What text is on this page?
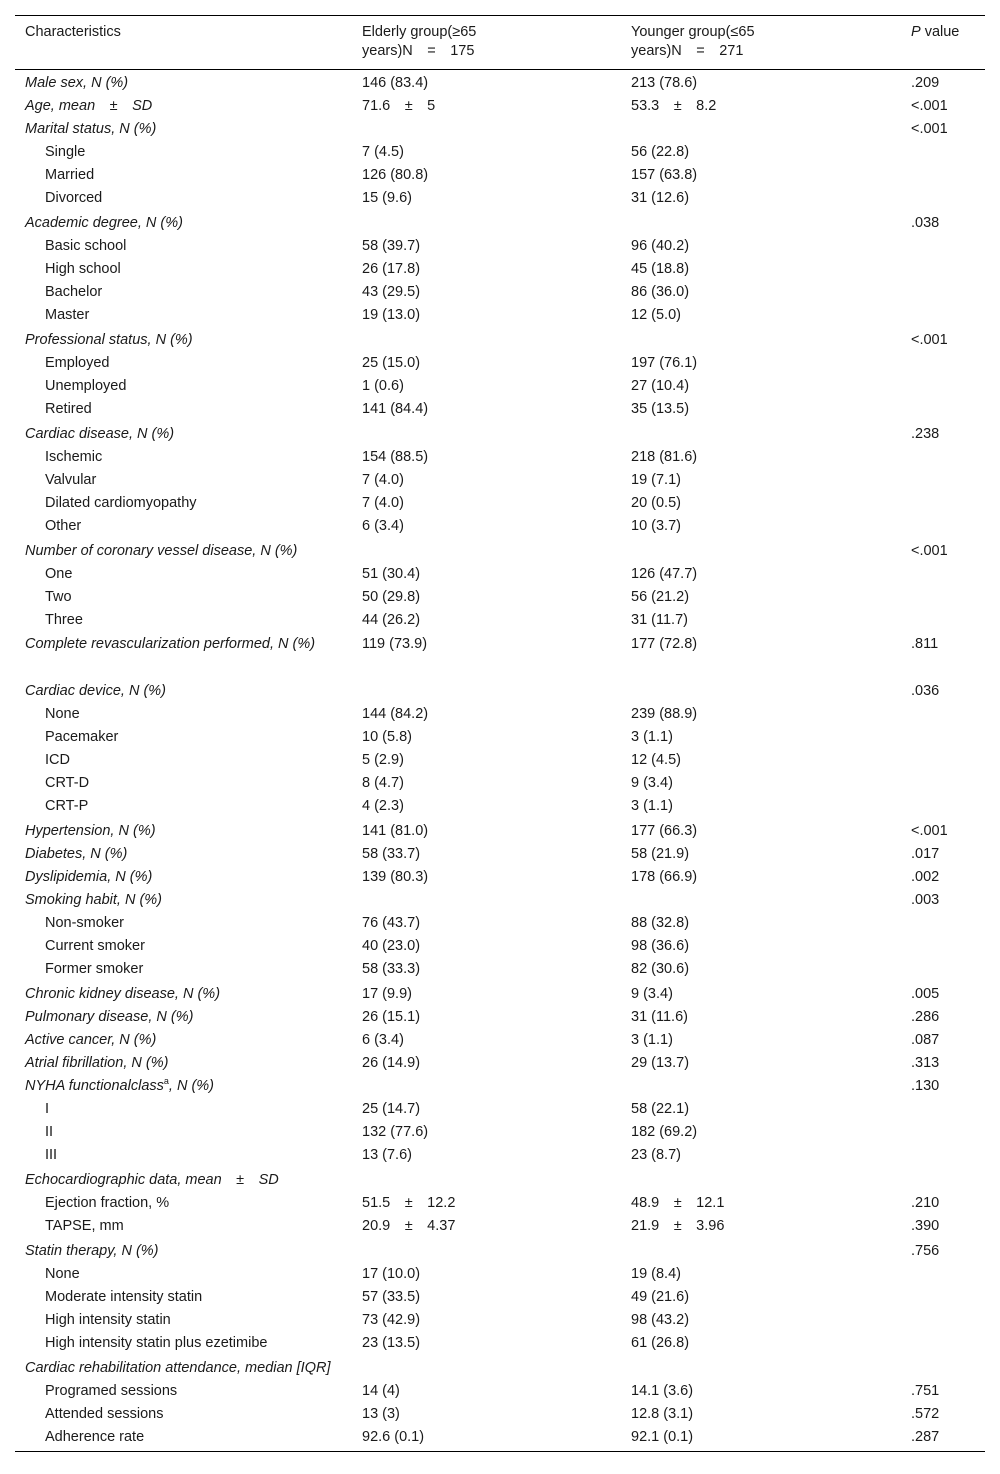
Characteristics	Elderly group(≥65
years)N = 175	Younger group(≤65
years)N = 271	P value
Male sex, N (%)	146 (83.4)	213 (78.6)	.209
Age, mean ± SD	71.6 ± 5	53.3 ± 8.2	<.001
Marital status, N (%)			<.001
Single	7 (4.5)	56 (22.8)	
Married	126 (80.8)	157 (63.8)	
Divorced	15 (9.6)	31 (12.6)	
Academic degree, N (%)			.038
Basic school	58 (39.7)	96 (40.2)	
High school	26 (17.8)	45 (18.8)	
Bachelor	43 (29.5)	86 (36.0)	
Master	19 (13.0)	12 (5.0)	
Professional status, N (%)			<.001
Employed	25 (15.0)	197 (76.1)	
Unemployed	1 (0.6)	27 (10.4)	
Retired	141 (84.4)	35 (13.5)	
Cardiac disease, N (%)			.238
Ischemic	154 (88.5)	218 (81.6)	
Valvular	7 (4.0)	19 (7.1)	
Dilated cardiomyopathy	7 (4.0)	20 (0.5)	
Other	6 (3.4)	10 (3.7)	
Number of coronary vessel disease, N (%)			<.001
One	51 (30.4)	126 (47.7)	
Two	50 (29.8)	56 (21.2)	
Three	44 (26.2)	31 (11.7)	
Complete revascularization performed, N (%)	119 (73.9)	177 (72.8)	.811
Cardiac device, N (%)			.036
None	144 (84.2)	239 (88.9)	
Pacemaker	10 (5.8)	3 (1.1)	
ICD	5 (2.9)	12 (4.5)	
CRT-D	8 (4.7)	9 (3.4)	
CRT-P	4 (2.3)	3 (1.1)	
Hypertension, N (%)	141 (81.0)	177 (66.3)	<.001
Diabetes, N (%)	58 (33.7)	58 (21.9)	.017
Dyslipidemia, N (%)	139 (80.3)	178 (66.9)	.002
Smoking habit, N (%)			.003
Non-smoker	76 (43.7)	88 (32.8)	
Current smoker	40 (23.0)	98 (36.6)	
Former smoker	58 (33.3)	82 (30.6)	
Chronic kidney disease, N (%)	17 (9.9)	9 (3.4)	.005
Pulmonary disease, N (%)	26 (15.1)	31 (11.6)	.286
Active cancer, N (%)	6 (3.4)	3 (1.1)	.087
Atrial fibrillation, N (%)	26 (14.9)	29 (13.7)	.313
NYHA functionalclass$^a$, N (%)			.130
I	25 (14.7)	58 (22.1)	
II	132 (77.6)	182 (69.2)	
III	13 (7.6)	23 (8.7)	
Echocardiographic data, mean ± SD			
Ejection fraction, %	51.5 ± 12.2	48.9 ± 12.1	.210
TAPSE, mm	20.9 ± 4.37	21.9 ± 3.96	.390
Statin therapy, N (%)			.756
None	17 (10.0)	19 (8.4)	
Moderate intensity statin	57 (33.5)	49 (21.6)	
High intensity statin	73 (42.9)	98 (43.2)	
High intensity statin plus ezetimibe	23 (13.5)	61 (26.8)	
Cardiac rehabilitation attendance, median [IQR]			
Programed sessions	14 (4)	14.1 (3.6)	.751
Attended sessions	13 (3)	12.8 (3.1)	.572
Adherence rate	92.6 (0.1)	92.1 (0.1)	.287
